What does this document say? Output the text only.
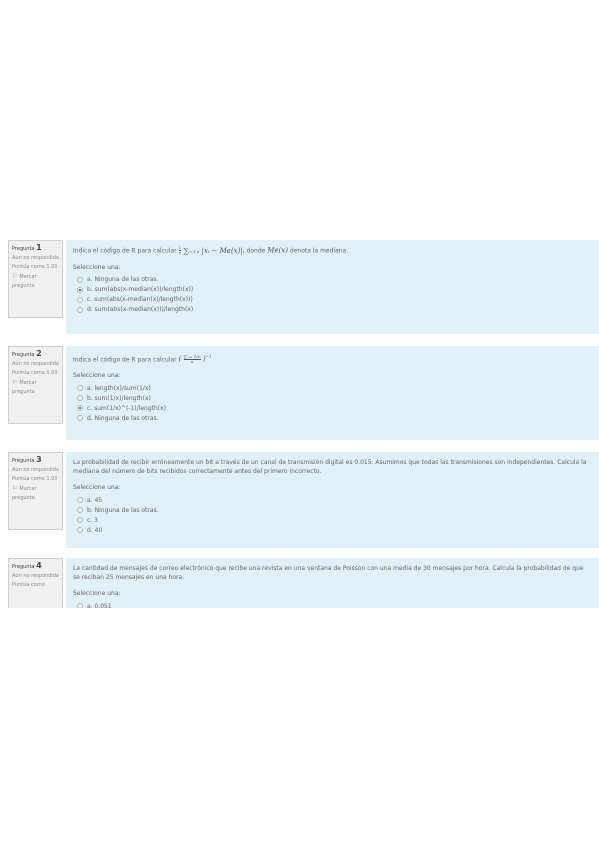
Pregunta 1
Aún no respondida
Puntúa como 1,00
⚐ Marcar pregunta
Indica el código de R para calcular $\frac{1}{n} \sum i=1$ n |xᵢ − Me(x)|, donde Me(x) denota la mediana.
Seleccione una:
a. Ninguna de las otras.
b. sum(abs(x-median(x))/length(x))
c. sum(abs(x-median(x)/length(x)))
d. sum(abs(x-median(x)))/length(x)
Pregunta 2
Aún no respondida
Puntúa como 1,00
⚐ Marcar pregunta
Indica el código de R para calcular ( $\frac{\text{∑ⁿᵢ₌₁ 1/xᵢ}}{n} )^{-1}$
Seleccione una:
a. length(x)/sum(1/x)
b. sum(1/x)/length(x)
c. sum(1/x)^(-1)/length(x)
d. Ninguna de las otras.
Pregunta 3
Aún no respondida
Puntúa como 1,00
⚐ Marcar pregunta
La probabilidad de recibir erróneamente un bit a través de un canal de transmisión digital es 0.015. Asumimos que todas las transmisiones son independientes. Calcula la mediana del número de bits recibidos correctamente antes del primero incorrecto.
Seleccione una:
a. 45
b. Ninguna de las otras.
c. 3
d. 40
Pregunta 4
Aún no respondida
Puntúa como
La cantidad de mensajes de correo electrónico que recibe una revista en una ventana de Poisson con una media de 30 mensajes por hora. Calcula la probabilidad de que se reciban 25 mensajes en una hora.
Seleccione una:
a. 0.051
